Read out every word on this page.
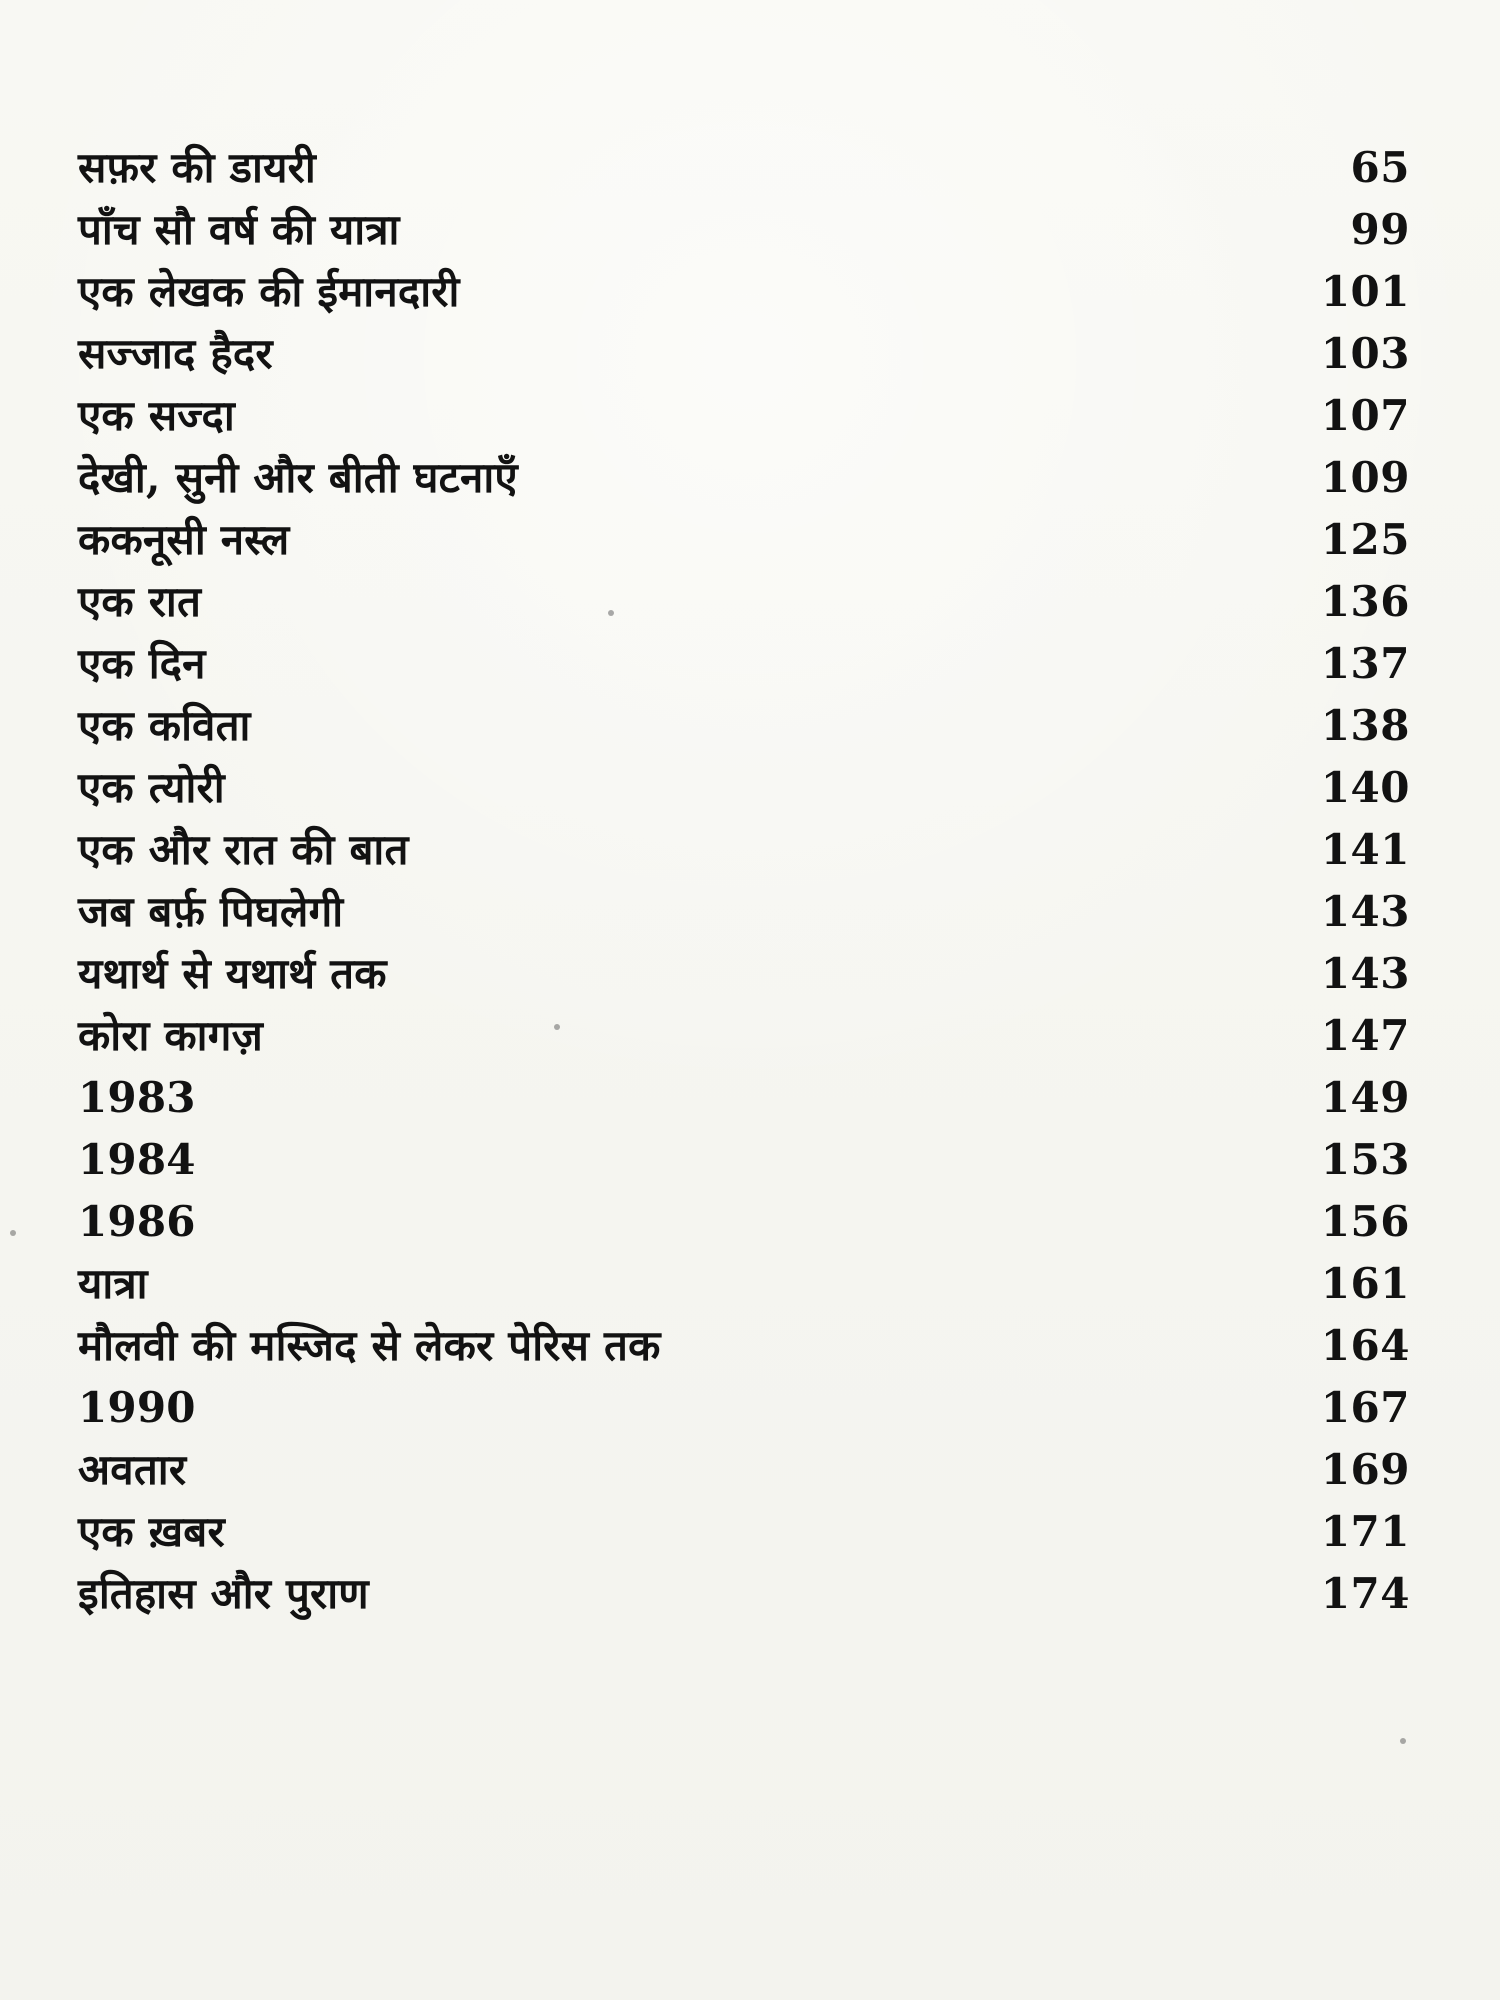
सफ़र की डायरी	65
पाँच सौ वर्ष की यात्रा	99
एक लेखक की ईमानदारी	101
सज्जाद हैदर	103
एक सज्दा	107
देखी, सुनी और बीती घटनाएँ	109
ककनूसी नस्ल	125
एक रात	136
एक दिन	137
एक कविता	138
एक त्योरी	140
एक और रात की बात	141
जब बर्फ़ पिघलेगी	143
यथार्थ से यथार्थ तक	143
कोरा कागज़	147
1983	149
1984	153
1986	156
यात्रा	161
मौलवी की मस्जिद से लेकर पेरिस तक	164
1990	167
अवतार	169
एक ख़बर	171
इतिहास और पुराण	174
